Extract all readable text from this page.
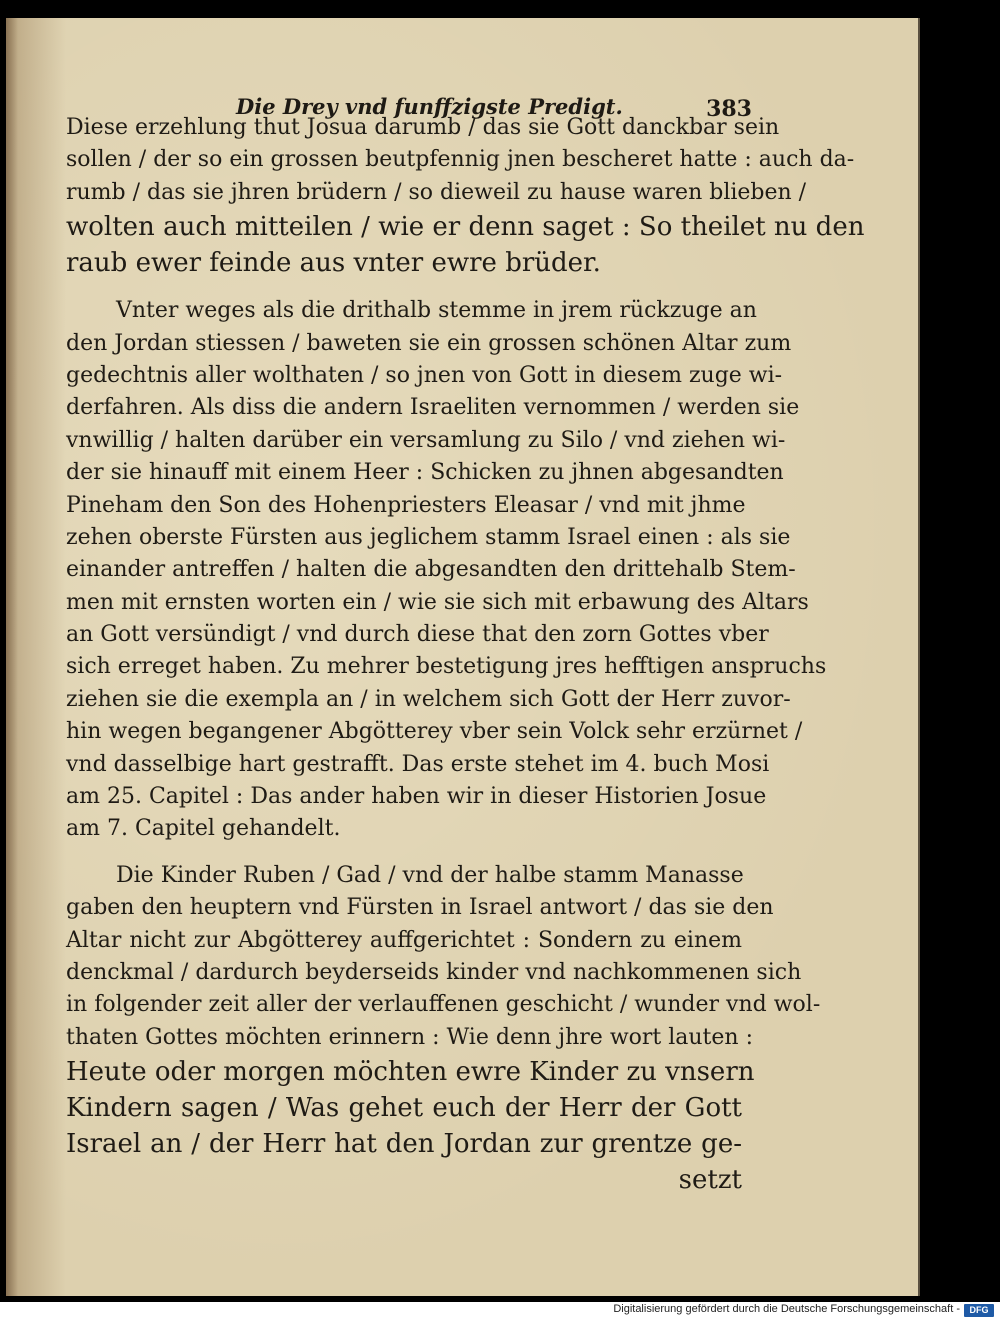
Die Drey vnd funffzigste Predigt.	383
Diese erzehlung thut Josua darumb / das sie Gott danckbar sein
sollen / der so ein grossen beutpfennig jnen bescheret hatte : auch da-
rumb / das sie jhren brüdern / so dieweil zu hause waren blieben /
wolten auch mitteilen / wie er denn saget : So theilet nu den
raub ewer feinde aus vnter ewre brüder.
Vnter weges als die drithalb stemme in jrem rückzuge an
den Jordan stiessen / baweten sie ein grossen schönen Altar zum
gedechtnis aller wolthaten / so jnen von Gott in diesem zuge wi-
derfahren. Als diss die andern Israeliten vernommen / werden sie
vnwillig / halten darüber ein versamlung zu Silo / vnd ziehen wi-
der sie hinauff mit einem Heer : Schicken zu jhnen abgesandten
Pineham den Son des Hohenpriesters Eleasar / vnd mit jhme
zehen oberste Fürsten aus jeglichem stamm Israel einen : als sie
einander antreffen / halten die abgesandten den drittehalb Stem-
men mit ernsten worten ein / wie sie sich mit erbawung des Altars
an Gott versündigt / vnd durch diese that den zorn Gottes vber
sich erreget haben. Zu mehrer bestetigung jres hefftigen anspruchs
ziehen sie die exempla an / in welchem sich Gott der Herr zuvor-
hin wegen begangener Abgötterey vber sein Volck sehr erzürnet /
vnd dasselbige hart gestrafft. Das erste stehet im 4. buch Mosi
am 25. Capitel : Das ander haben wir in dieser Historien Josue
am 7. Capitel gehandelt.
Die Kinder Ruben / Gad / vnd der halbe stamm Manasse
gaben den heuptern vnd Fürsten in Israel antwort / das sie den
Altar nicht zur Abgötterey auffgerichtet : Sondern zu einem
denckmal / dardurch beyderseids kinder vnd nachkommenen sich
in folgender zeit aller der verlauffenen geschicht / wunder vnd wol-
thaten Gottes möchten erinnern : Wie denn jhre wort lauten :
Heute oder morgen möchten ewre Kinder zu vnsern
Kindern sagen / Was gehet euch der Herr der Gott
Israel an / der Herr hat den Jordan zur grentze ge-
setzt
Digitalisierung gefördert durch die Deutsche Forschungsgemeinschaft -	DFG
